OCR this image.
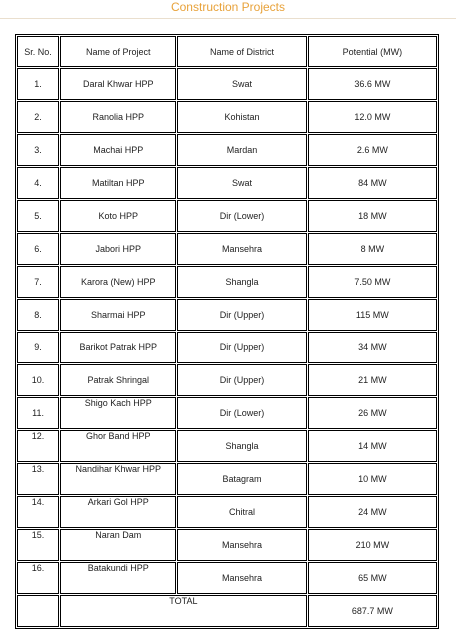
Construction Projects
Sr. No.	Name of Project	Name of District	Potential (MW)
1.	Daral Khwar HPP	Swat	36.6 MW
2.	Ranolia HPP	Kohistan	12.0 MW
3.	Machai HPP	Mardan	2.6 MW
4.	Matiltan HPP	Swat	84 MW
5.	Koto HPP	Dir (Lower)	18 MW
6.	Jabori HPP	Mansehra	8 MW
7.	Karora (New) HPP	Shangla	7.50 MW
8.	Sharmai HPP	Dir (Upper)	115 MW
9.	Barikot Patrak HPP	Dir (Upper)	34 MW
10.	Patrak Shringal	Dir (Upper)	21 MW
11.	Shigo Kach HPP	Dir (Lower)	26 MW
12.	Ghor Band HPP	Shangla	14 MW
13.	Nandihar Khwar HPP	Batagram	10 MW
14.	Arkari Gol HPP	Chitral	24 MW
15.	Naran Dam	Mansehra	210 MW
16.	Batakundi HPP	Mansehra	65 MW
	TOTAL		687.7 MW
